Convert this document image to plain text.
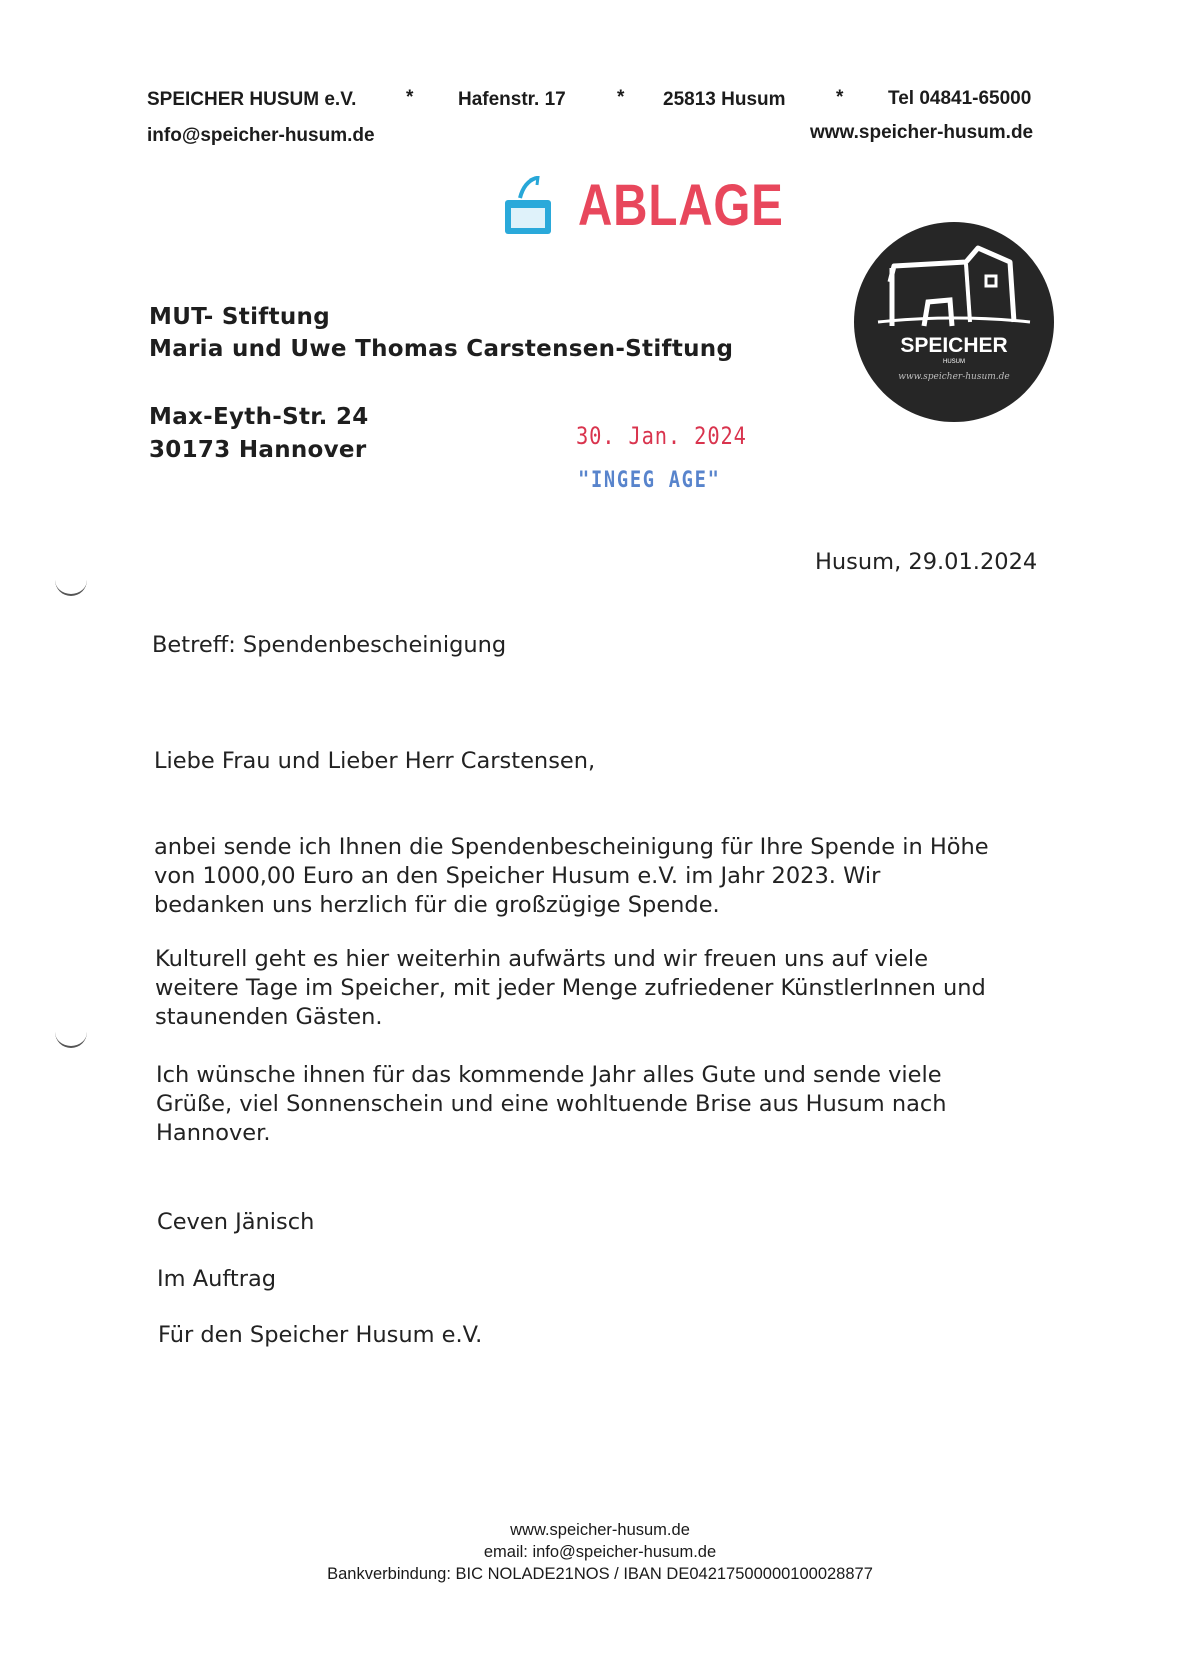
SPEICHER HUSUM e.V.	* Hafenstr. 17	* 25813 Husum	* Tel 04841-65000
info@speicher-husum.de	www.speicher-husum.de
ABLAGE
SPEICHER
HUSUM
www.speicher-husum.de
MUT- Stiftung
Maria und Uwe Thomas Carstensen-Stiftung
Max-Eyth-Str. 24
30173 Hannover	30. Jan. 2024
"INGEG AGE"
Husum, 29.01.2024
Betreff: Spendenbescheinigung
Liebe Frau und Lieber Herr Carstensen,
anbei sende ich Ihnen die Spendenbescheinigung für Ihre Spende in Höhe
von 1000,00 Euro an den Speicher Husum e.V. im Jahr 2023. Wir
bedanken uns herzlich für die großzügige Spende.
Kulturell geht es hier weiterhin aufwärts und wir freuen uns auf viele
weitere Tage im Speicher, mit jeder Menge zufriedener KünstlerInnen und
staunenden Gästen.
Ich wünsche ihnen für das kommende Jahr alles Gute und sende viele
Grüße, viel Sonnenschein und eine wohltuende Brise aus Husum nach
Hannover.
Ceven Jänisch
Im Auftrag
Für den Speicher Husum e.V.
www.speicher-husum.de
email: info@speicher-husum.de
Bankverbindung: BIC NOLADE21NOS / IBAN DE04217500000100028877
